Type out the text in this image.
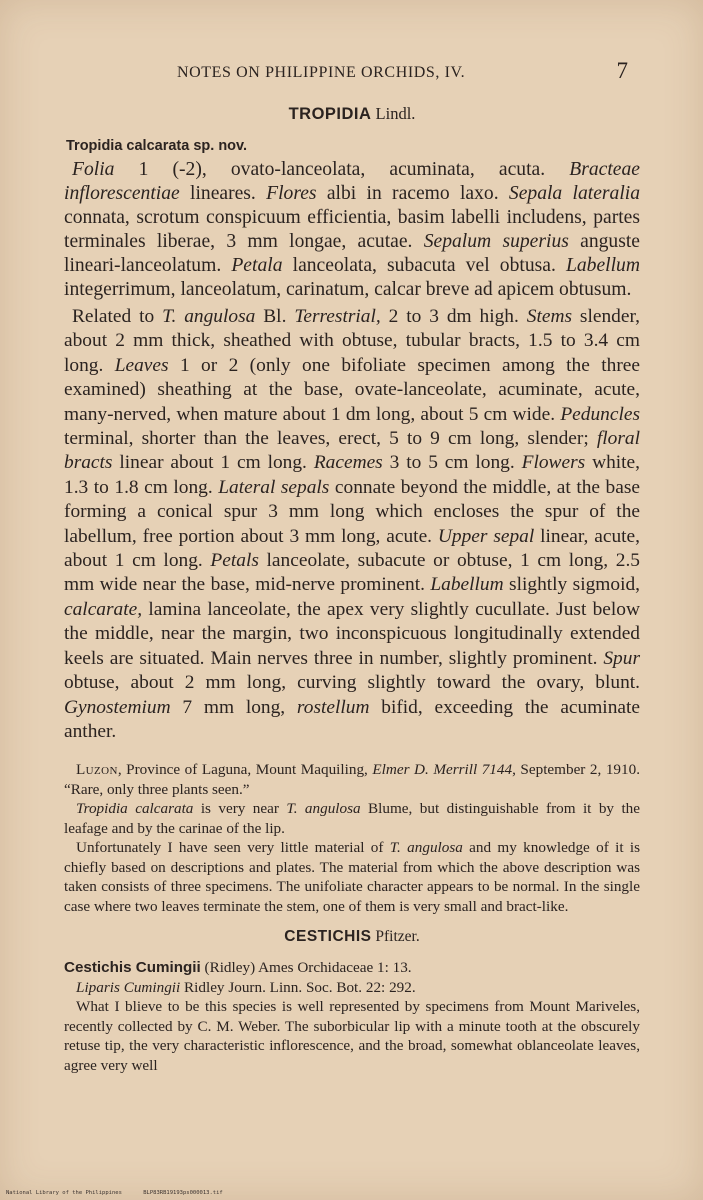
NOTES ON PHILIPPINE ORCHIDS, IV.	7
TROPIDIA Lindl.
Tropidia calcarata sp. nov.

Folia 1 (-2), ovato-lanceolata, acuminata, acuta. Bracteae inflorescentiae lineares. Flores albi in racemo laxo. Sepala lateralia connata, scrotum conspicuum efficientia, basim labelli includens, partes terminales liberae, 3 mm longae, acutae. Sepalum superius anguste lineari-lanceolatum. Petala lanceolata, subacuta vel obtusa. Labellum integerrimum, lanceolatum, carinatum, calcar breve ad apicem obtusum.

Related to T. angulosa Bl. Terrestrial, 2 to 3 dm high. Stems slender, about 2 mm thick, sheathed with obtuse, tubular bracts, 1.5 to 3.4 cm long. Leaves 1 or 2 (only one bifoliate specimen among the three examined) sheathing at the base, ovate-lanceolate, acuminate, acute, many-nerved, when mature about 1 dm long, about 5 cm wide. Peduncles terminal, shorter than the leaves, erect, 5 to 9 cm long, slender; floral bracts linear about 1 cm long. Racemes 3 to 5 cm long. Flowers white, 1.3 to 1.8 cm long. Lateral sepals connate beyond the middle, at the base forming a conical spur 3 mm long which encloses the spur of the labellum, free portion about 3 mm long, acute. Upper sepal linear, acute, about 1 cm long. Petals lanceolate, subacute or obtuse, 1 cm long, 2.5 mm wide near the base, mid-nerve prominent. Labellum slightly sigmoid, calcarate, lamina lanceolate, the apex very slightly cucullate. Just below the middle, near the margin, two inconspicuous longitudinally extended keels are situated. Main nerves three in number, slightly prominent. Spur obtuse, about 2 mm long, curving slightly toward the ovary, blunt. Gynostemium 7 mm long, rostellum bifid, exceeding the acuminate anther.

Luzon, Province of Laguna, Mount Maquiling, Elmer D. Merrill 7144, September 2, 1910. “Rare, only three plants seen.”

Tropidia calcarata is very near T. angulosa Blume, but distinguishable from it by the leafage and by the carinae of the lip.

Unfortunately I have seen very little material of T. angulosa and my knowledge of it is chiefly based on descriptions and plates. The material from which the above description was taken consists of three specimens. The unifoliate character appears to be normal. In the single case where two leaves terminate the stem, one of them is very small and bract-like.

CESTICHIS Pfitzer.

Cestichis Cumingii (Ridley) Ames Orchidaceae 1: 13.

Liparis Cumingii Ridley Journ. Linn. Soc. Bot. 22: 292.

What I blieve to be this species is well represented by specimens from Mount Mariveles, recently collected by C. M. Weber. The suborbicular lip with a minute tooth at the obscurely retuse tip, the very characteristic inflorescence, and the broad, somewhat oblanceolate leaves, agree very well

National Library of the Philippines	BLP83RB19193ps000013.tif
